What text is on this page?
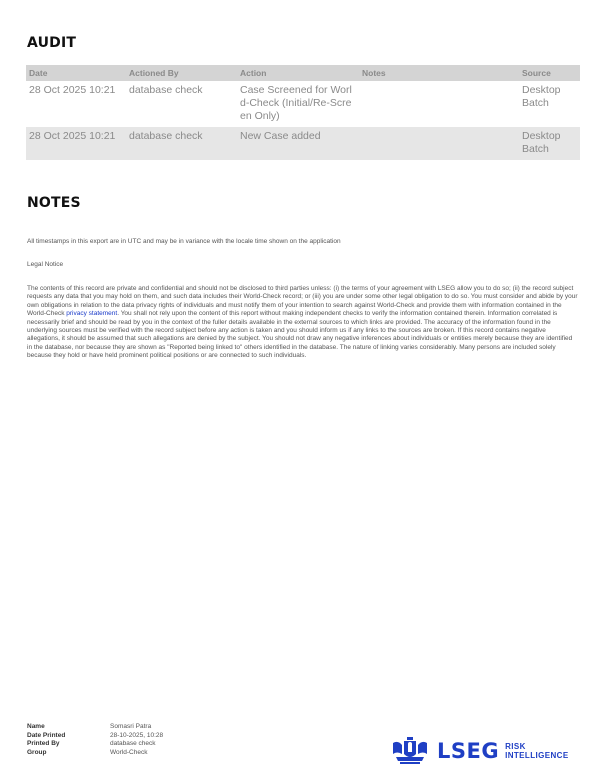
AUDIT
Date	Actioned By	Action	Notes	Source
28 Oct 2025 10:21	database check	Case Screened for World-Check (Initial/Re-Screen Only)		Desktop Batch
28 Oct 2025 10:21	database check	New Case added		Desktop Batch
NOTES
All timestamps in this export are in UTC and may be in variance with the locale time shown on the application
Legal Notice
The contents of this record are private and confidential and should not be disclosed to third parties unless: (i) the terms of your agreement with LSEG allow you to do so; (ii) the record subject requests any data that you may hold on them, and such data includes their World-Check record; or (iii) you are under some other legal obligation to do so. You must consider and abide by your own obligations in relation to the data privacy rights of individuals and must notify them of your intention to search against World-Check and provide them with information contained in the World-Check privacy statement. You shall not rely upon the content of this report without making independent checks to verify the information contained therein. Information correlated is necessarily brief and should be read by you in the context of the fuller details available in the external sources to which links are provided. The accuracy of the information found in the underlying sources must be verified with the record subject before any action is taken and you should inform us if any links to the sources are broken. If this record contains negative allegations, it should be assumed that such allegations are denied by the subject. You should not draw any negative inferences about individuals or entities merely because they are identified in the database, nor because they are shown as "Reported being linked to" others identified in the database. The nature of linking varies considerably. Many persons are included solely because they hold or have held prominent political positions or are connected to such individuals.
Name	Somasri Patra
Date Printed	28-10-2025, 10:28
Printed By	database check
Group	World-Check	LSEG RISK
INTELLIGENCE
